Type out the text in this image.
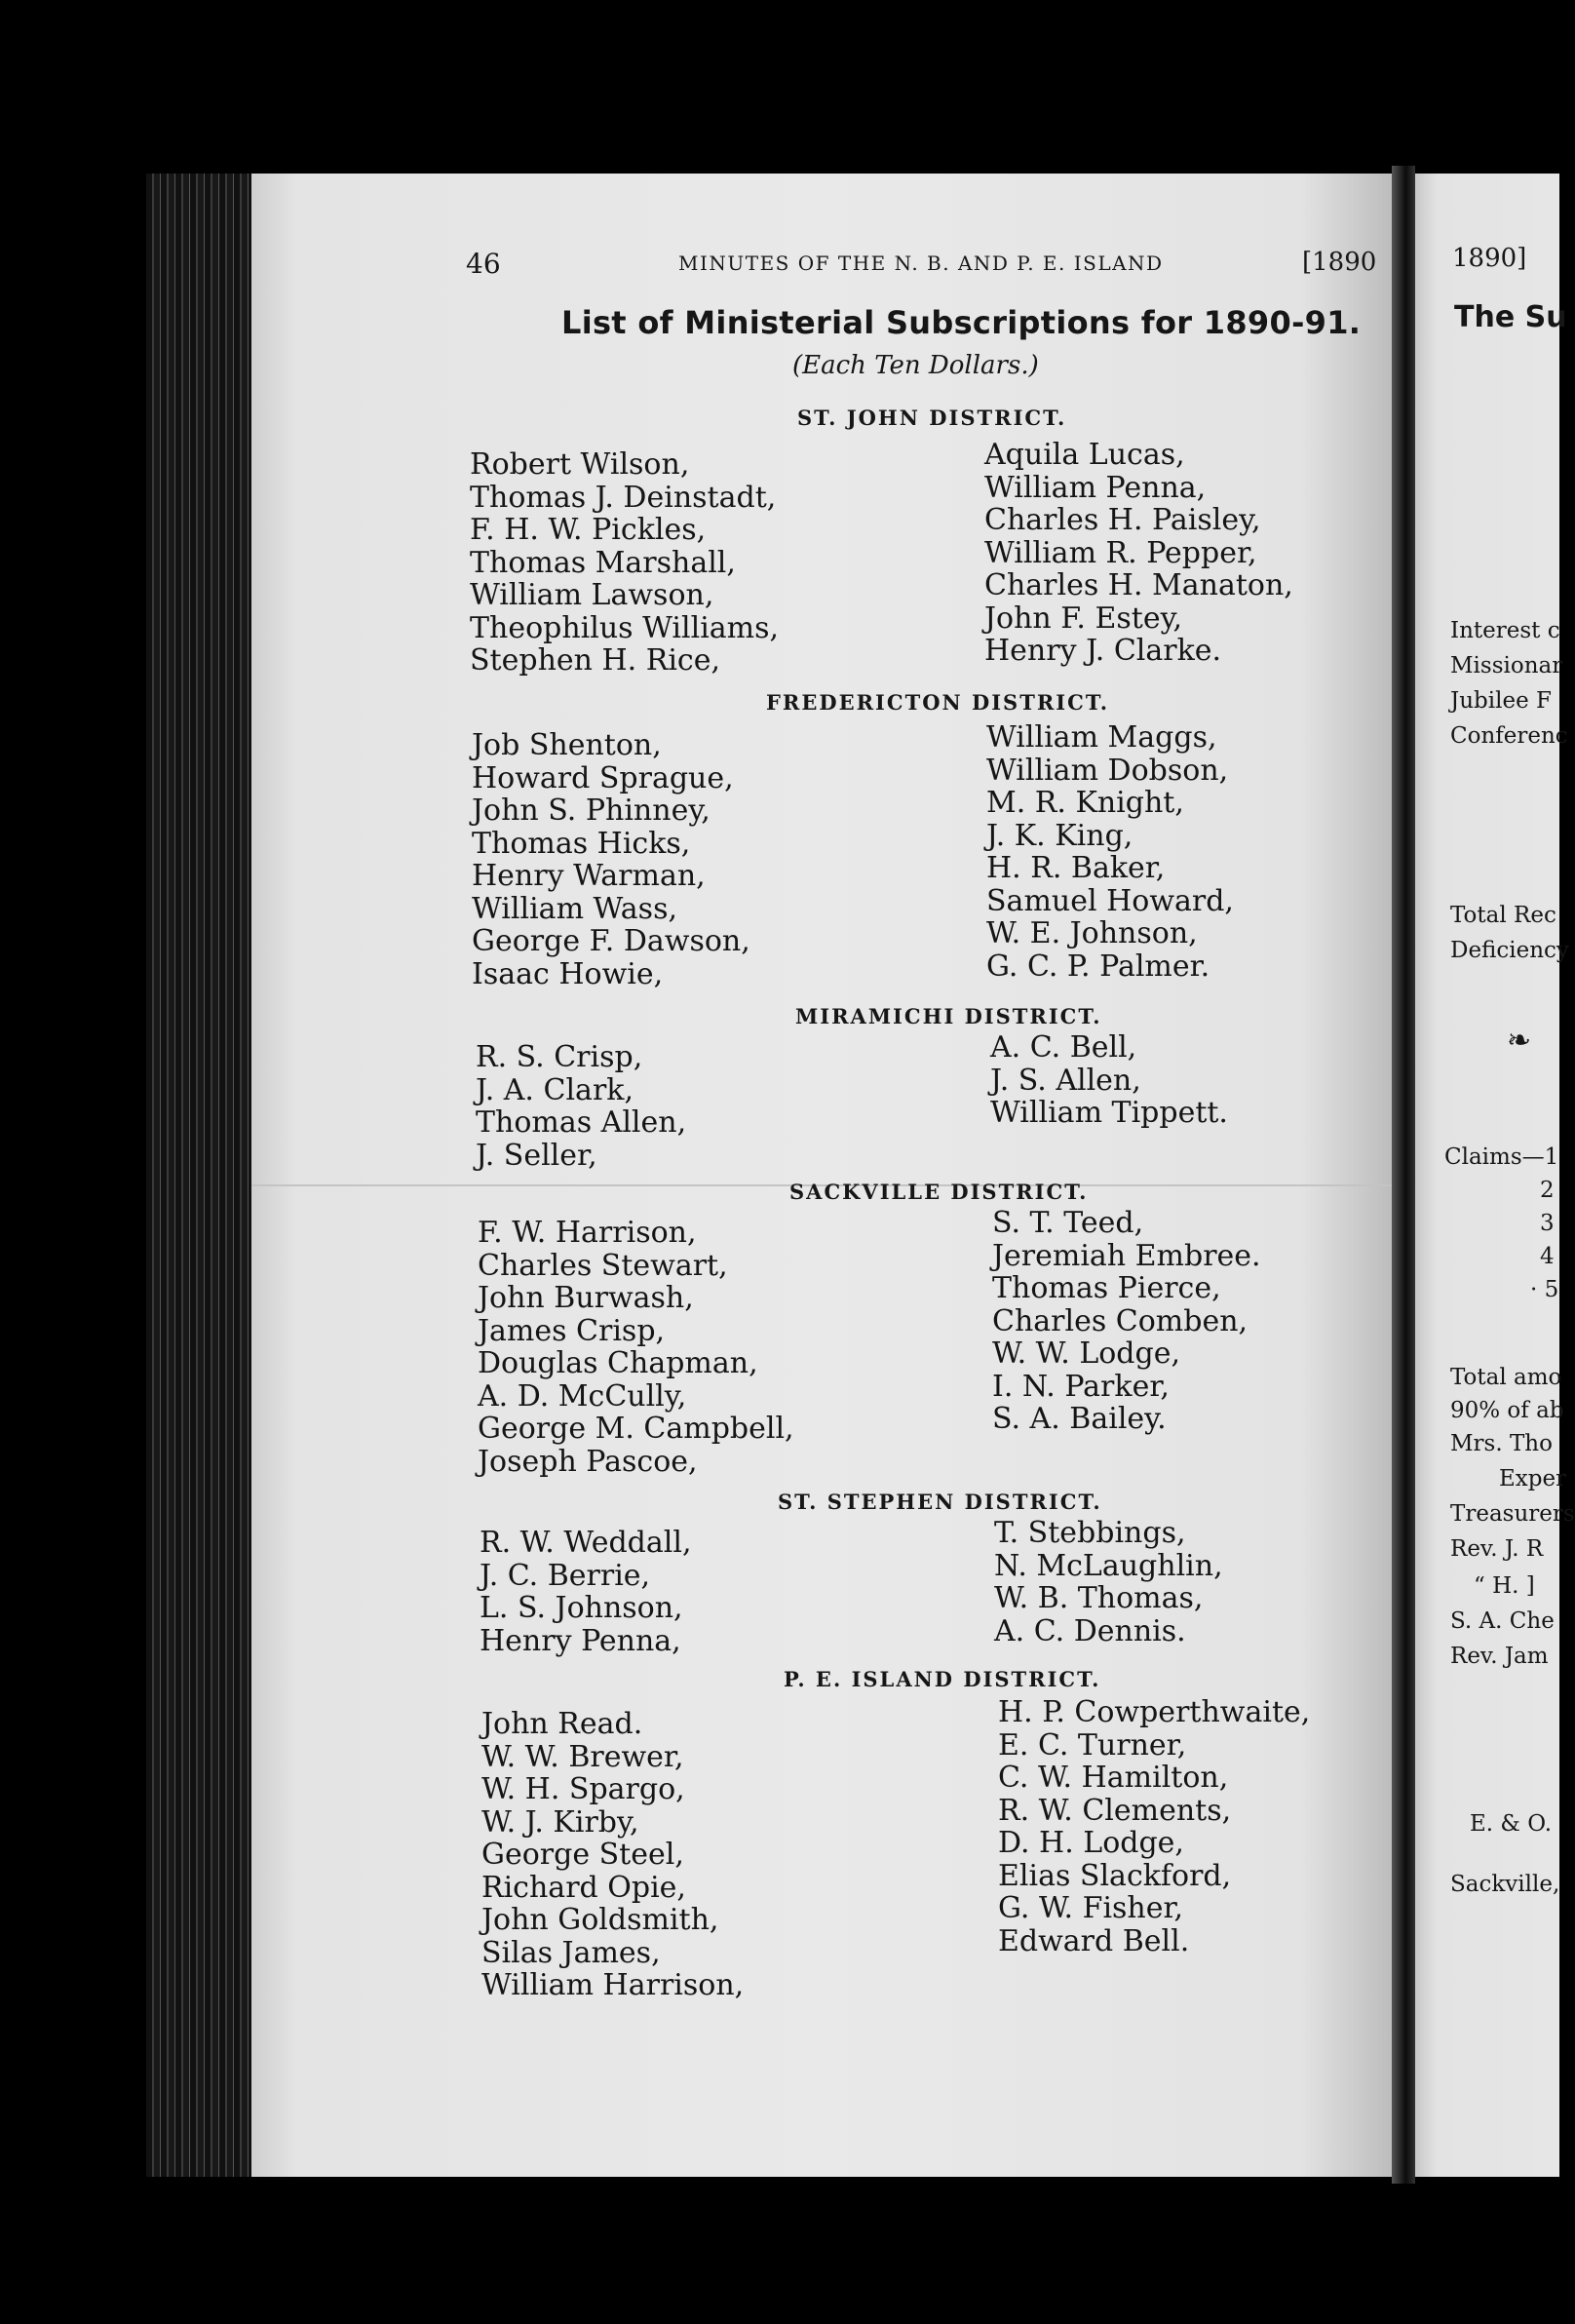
1890]
The Su
Interest c
Missionar
Jubilee F
Conferenc
Total Rec
Deficiency
❧
Claims—1
2
3
4
· 5
Total amo
90% of ab
Mrs. Tho
Exper
Treasurers
Rev. J. R
“ H. ]
S. A. Che
Rev. Jam
E. & O.
Sackville,
46	MINUTES OF THE N. B. AND P. E. ISLAND	[1890
List of Ministerial Subscriptions for 1890-91.
(Each Ten Dollars.)
ST. JOHN DISTRICT.
Robert Wilson,
Thomas J. Deinstadt,
F. H. W. Pickles,
Thomas Marshall,
William Lawson,
Theophilus Williams,
Stephen H. Rice,
Aquila Lucas,
William Penna,
Charles H. Paisley,
William R. Pepper,
Charles H. Manaton,
John F. Estey,
Henry J. Clarke.
FREDERICTON DISTRICT.
Job Shenton,
Howard Sprague,
John S. Phinney,
Thomas Hicks,
Henry Warman,
William Wass,
George F. Dawson,
Isaac Howie,
William Maggs,
William Dobson,
M. R. Knight,
J. K. King,
H. R. Baker,
Samuel Howard,
W. E. Johnson,
G. C. P. Palmer.
MIRAMICHI DISTRICT.
R. S. Crisp,
J. A. Clark,
Thomas Allen,
J. Seller,
A. C. Bell,
J. S. Allen,
William Tippett.
SACKVILLE DISTRICT.
F. W. Harrison,
Charles Stewart,
John Burwash,
James Crisp,
Douglas Chapman,
A. D. McCully,
George M. Campbell,
Joseph Pascoe,
S. T. Teed,
Jeremiah Embree.
Thomas Pierce,
Charles Comben,
W. W. Lodge,
I. N. Parker,
S. A. Bailey.
ST. STEPHEN DISTRICT.
R. W. Weddall,
J. C. Berrie,
L. S. Johnson,
Henry Penna,
T. Stebbings,
N. McLaughlin,
W. B. Thomas,
A. C. Dennis.
P. E. ISLAND DISTRICT.
John Read.
W. W. Brewer,
W. H. Spargo,
W. J. Kirby,
George Steel,
Richard Opie,
John Goldsmith,
Silas James,
William Harrison,
H. P. Cowperthwaite,
E. C. Turner,
C. W. Hamilton,
R. W. Clements,
D. H. Lodge,
Elias Slackford,
G. W. Fisher,
Edward Bell.
